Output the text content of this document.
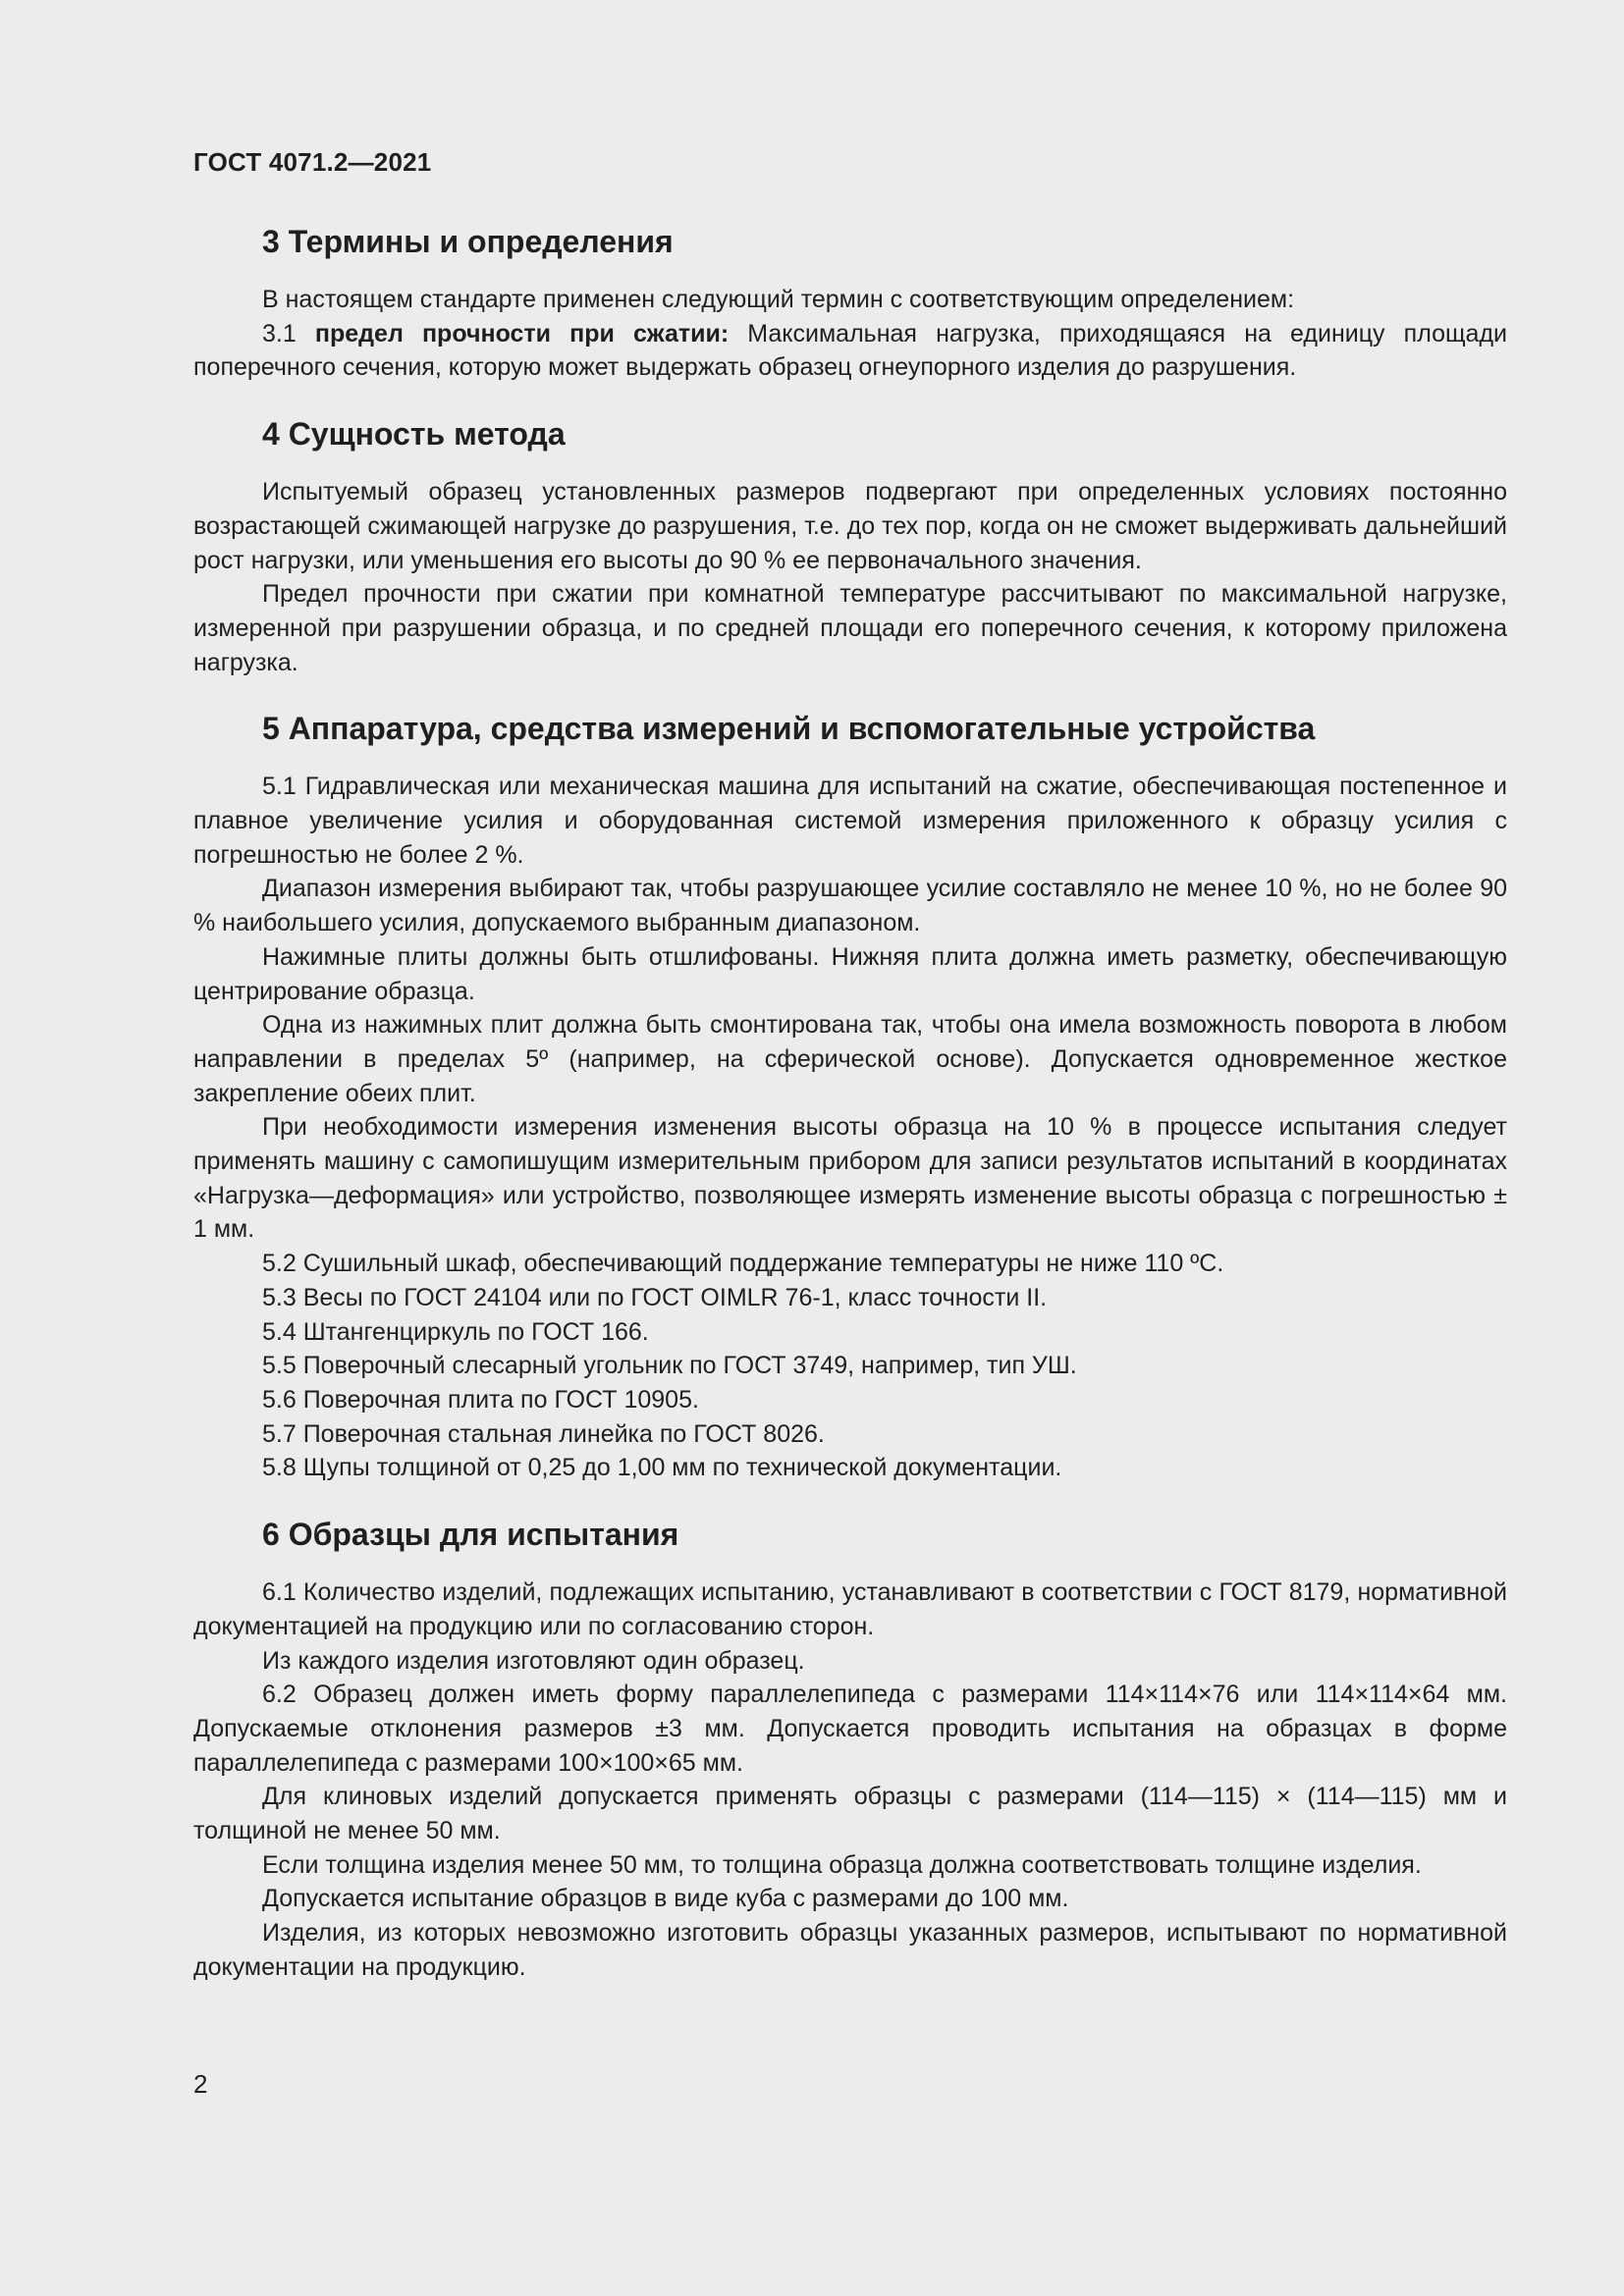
ГОСТ 4071.2—2021
3 Термины и определения

В настоящем стандарте применен следующий термин с соответствующим определением:

3.1 предел прочности при сжатии: Максимальная нагрузка, приходящаяся на единицу площади поперечного сечения, которую может выдержать образец огнеупорного изделия до разрушения.

4 Сущность метода

Испытуемый образец установленных размеров подвергают при определенных условиях постоянно возрастающей сжимающей нагрузке до разрушения, т.е. до тех пор, когда он не сможет выдерживать дальнейший рост нагрузки, или уменьшения его высоты до 90 % ее первоначального значения.

Предел прочности при сжатии при комнатной температуре рассчитывают по максимальной нагрузке, измеренной при разрушении образца, и по средней площади его поперечного сечения, к которому приложена нагрузка.

5 Аппаратура, средства измерений и вспомогательные устройства

5.1 Гидравлическая или механическая машина для испытаний на сжатие, обеспечивающая постепенное и плавное увеличение усилия и оборудованная системой измерения приложенного к образцу усилия с погрешностью не более 2 %.

Диапазон измерения выбирают так, чтобы разрушающее усилие составляло не менее 10 %, но не более 90 % наибольшего усилия, допускаемого выбранным диапазоном.

Нажимные плиты должны быть отшлифованы. Нижняя плита должна иметь разметку, обеспечивающую центрирование образца.

Одна из нажимных плит должна быть смонтирована так, чтобы она имела возможность поворота в любом направлении в пределах 5º (например, на сферической основе). Допускается одновременное жесткое закрепление обеих плит.

При необходимости измерения изменения высоты образца на 10 % в процессе испытания следует применять машину с самопишущим измерительным прибором для записи результатов испытаний в координатах «Нагрузка—деформация» или устройство, позволяющее измерять изменение высоты образца с погрешностью ± 1 мм.

5.2 Сушильный шкаф, обеспечивающий поддержание температуры не ниже 110 ºС.

5.3 Весы по ГОСТ 24104 или по ГОСТ OIMLR 76-1, класс точности II.

5.4 Штангенциркуль по ГОСТ 166.

5.5 Поверочный слесарный угольник по ГОСТ 3749, например, тип УШ.

5.6 Поверочная плита по ГОСТ 10905.

5.7 Поверочная стальная линейка по ГОСТ 8026.

5.8 Щупы толщиной от 0,25 до 1,00 мм по технической документации.

6 Образцы для испытания

6.1 Количество изделий, подлежащих испытанию, устанавливают в соответствии с ГОСТ 8179, нормативной документацией на продукцию или по согласованию сторон.

Из каждого изделия изготовляют один образец.

6.2 Образец должен иметь форму параллелепипеда с размерами 114×114×76 или 114×114×64 мм. Допускаемые отклонения размеров ±3 мм. Допускается проводить испытания на образцах в форме параллелепипеда с размерами 100×100×65 мм.

Для клиновых изделий допускается применять образцы с размерами (114—115) × (114—115) мм и толщиной не менее 50 мм.

Если толщина изделия менее 50 мм, то толщина образца должна соответствовать толщине изделия.

Допускается испытание образцов в виде куба с размерами до 100 мм.

Изделия, из которых невозможно изготовить образцы указанных размеров, испытывают по нормативной документации на продукцию.

2
